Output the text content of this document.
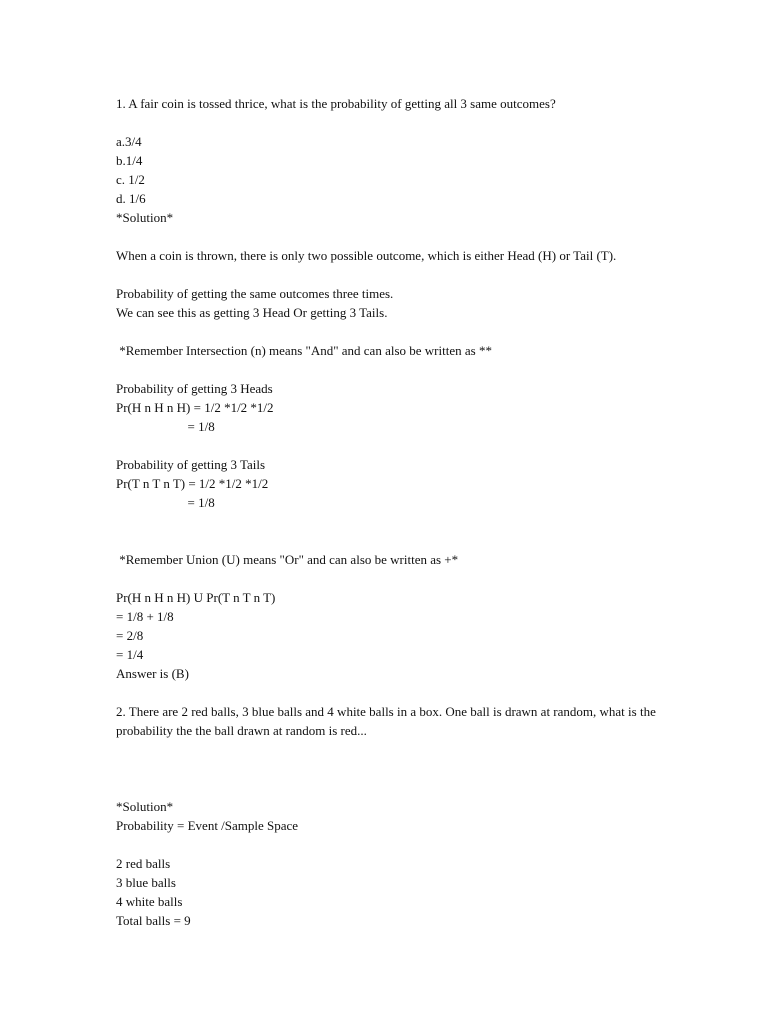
1. A fair coin is tossed thrice, what is the probability of getting all 3 same outcomes?
a.3/4
b.1/4
c. 1/2
d. 1/6
*Solution*
When a coin is thrown, there is only two possible outcome, which is either Head (H) or Tail (T).
Probability of getting the same outcomes three times.
We can see this as getting 3 Head Or getting 3 Tails.
*Remember Intersection (n) means "And" and can also be written as **
Probability of getting 3 Heads
Pr(H n H n H) = 1/2 *1/2 *1/2
= 1/8
Probability of getting 3 Tails
Pr(T n T n T) = 1/2 *1/2 *1/2
= 1/8
*Remember Union (U) means "Or" and can also be written as +*
Pr(H n H n H) U Pr(T n T n T)
= 1/8 + 1/8
= 2/8
= 1/4
Answer is (B)
2. There are 2 red balls, 3 blue balls and 4 white balls in a box. One ball is drawn at random, what is the probability the the ball drawn at random is red...
*Solution*
Probability = Event /Sample Space
2 red balls
3 blue balls
4 white balls
Total balls = 9
